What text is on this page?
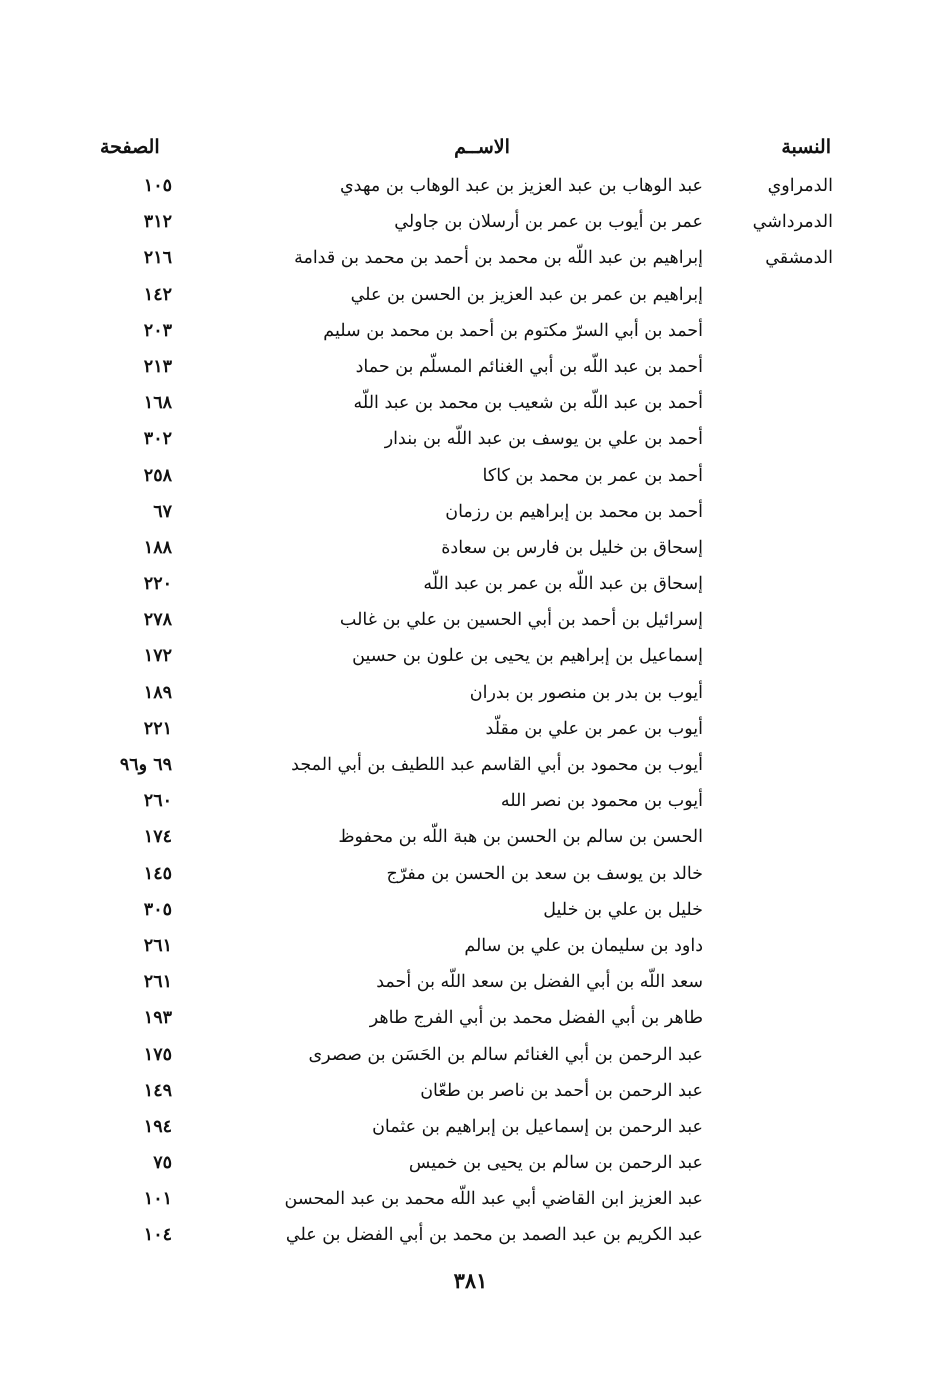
النسبة
الاســم
الصفحة
الدمراوي
عبد الوهاب بن عبد العزيز بن عبد الوهاب بن مهدي
١٠٥
الدمرداشي
عمر بن أيوب بن عمر بن أرسلان بن جاولي
٣١٢
الدمشقي
إبراهيم بن عبد اللّه بن محمد بن أحمد بن محمد بن قدامة
٢١٦
إبراهيم بن عمر بن عبد العزيز بن الحسن بن علي
١٤٢
أحمد بن أبي السرّ مكتوم بن أحمد بن محمد بن سليم
٢٠٣
أحمد بن عبد اللّه بن أبي الغنائم المسلّم بن حماد
٢١٣
أحمد بن عبد اللّه بن شعيب بن محمد بن عبد اللّه
١٦٨
أحمد بن علي بن يوسف بن عبد اللّه بن بندار
٣٠٢
أحمد بن عمر بن محمد بن كاكا
٢٥٨
أحمد بن محمد بن إبراهيم بن رزمان
٦٧
إسحاق بن خليل بن فارس بن سعادة
١٨٨
إسحاق بن عبد اللّه بن عمر بن عبد اللّه
٢٢٠
إسرائيل بن أحمد بن أبي الحسين بن علي بن غالب
٢٧٨
إسماعيل بن إبراهيم بن يحيى بن علون بن حسين
١٧٢
أيوب بن بدر بن منصور بن بدران
١٨٩
أيوب بن عمر بن علي بن مقلّد
٢٢١
أيوب بن محمود بن أبي القاسم عبد اللطيف بن أبي المجد
٦٩ و٩٦
أيوب بن محمود بن نصر الله
٢٦٠
الحسن بن سالم بن الحسن بن هبة اللّه بن محفوظ
١٧٤
خالد بن يوسف بن سعد بن الحسن بن مفرّج
١٤٥
خليل بن علي بن خليل
٣٠٥
داود بن سليمان بن علي بن سالم
٢٦١
سعد اللّه بن أبي الفضل بن سعد اللّه بن أحمد
٢٦١
طاهر بن أبي الفضل محمد بن أبي الفرج طاهر
١٩٣
عبد الرحمن بن أبي الغنائم سالم بن الحَسَن بن صصرى
١٧٥
عبد الرحمن بن أحمد بن ناصر بن طعّان
١٤٩
عبد الرحمن بن إسماعيل بن إبراهيم بن عثمان
١٩٤
عبد الرحمن بن سالم بن يحيى بن خميس
٧٥
عبد العزيز ابن القاضي أبي عبد اللّه محمد بن عبد المحسن
١٠١
عبد الكريم بن عبد الصمد بن محمد بن أبي الفضل بن علي
١٠٤
٣٨١
